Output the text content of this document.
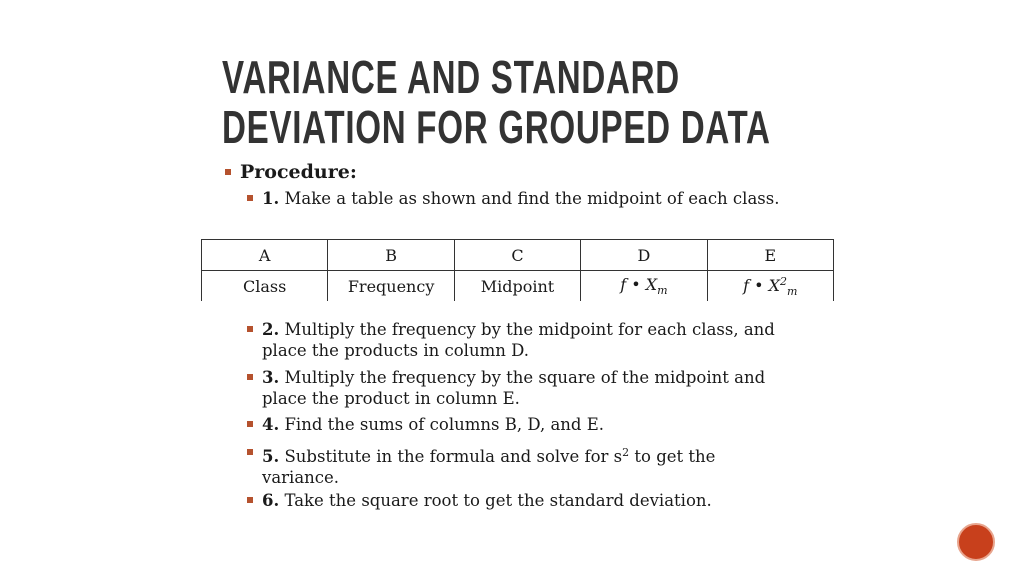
VARIANCE AND STANDARD
DEVIATION FOR GROUPED DATA
Procedure:
1. Make a table as shown and find the midpoint of each class.
A	B	C	D	E
Class	Frequency	Midpoint	f • $X_m$	f • $X^2_m$
2. Multiply the frequency by the midpoint for each class, and place the products in column D.
3. Multiply the frequency by the square of the midpoint and place the product in column E.
4. Find the sums of columns B, D, and E.
5. Substitute in the formula and solve for $s^2$ to get the variance.
6. Take the square root to get the standard deviation.
